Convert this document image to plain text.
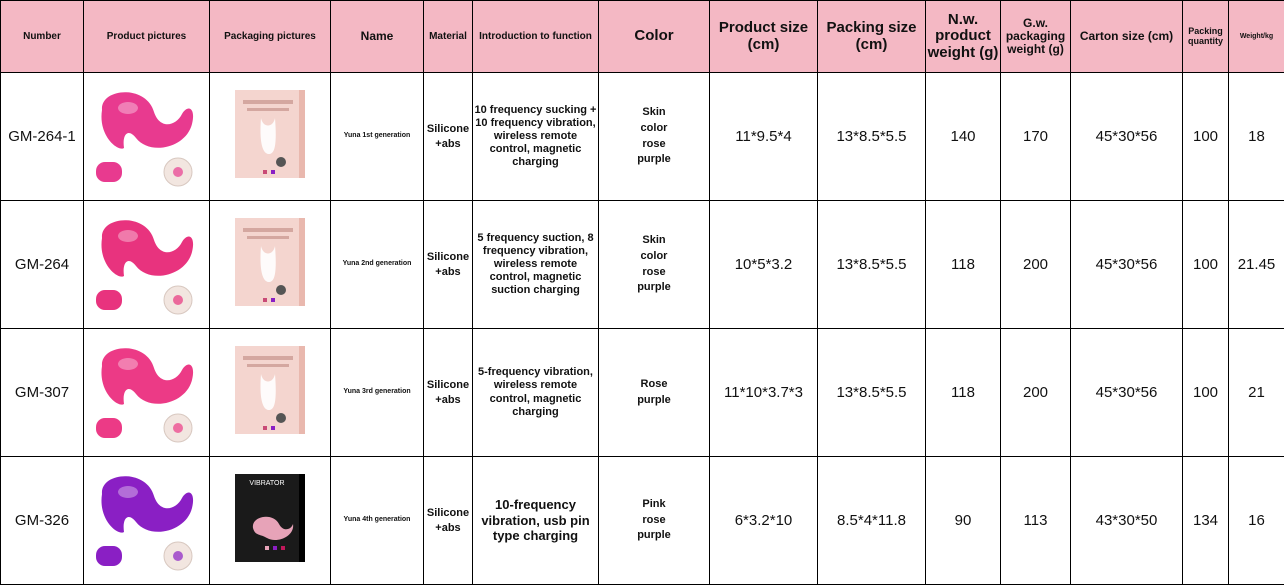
Number	Product pictures	Packaging pictures	Name	Material	Introduction to function	Color	Product size (cm)	Packing size (cm)	N.w. product weight (g)	G.w. packaging weight (g)	Carton size (cm)	Packing quantity	Weight/kg
GM-264-1			Yuna 1st generation	Silicone +abs	10 frequency sucking + 10 frequency vibration, wireless remote control, magnetic charging	Skin color rose purple	11*9.5*4	13*8.5*5.5	140	170	45*30*56	100	18
GM-264			Yuna 2nd generation	Silicone +abs	5 frequency suction, 8 frequency vibration, wireless remote control, magnetic suction charging	Skin color rose purple	10*5*3.2	13*8.5*5.5	118	200	45*30*56	100	21.45
GM-307			Yuna 3rd generation	Silicone +abs	5-frequency vibration, wireless remote control, magnetic charging	Rose purple	11*10*3.7*3	13*8.5*5.5	118	200	45*30*56	100	21
GM-326		VIBRATOR	Yuna 4th generation	Silicone +abs	10-frequency vibration, usb pin type charging	Pink rose purple	6*3.2*10	8.5*4*11.8	90	113	43*30*50	134	16
